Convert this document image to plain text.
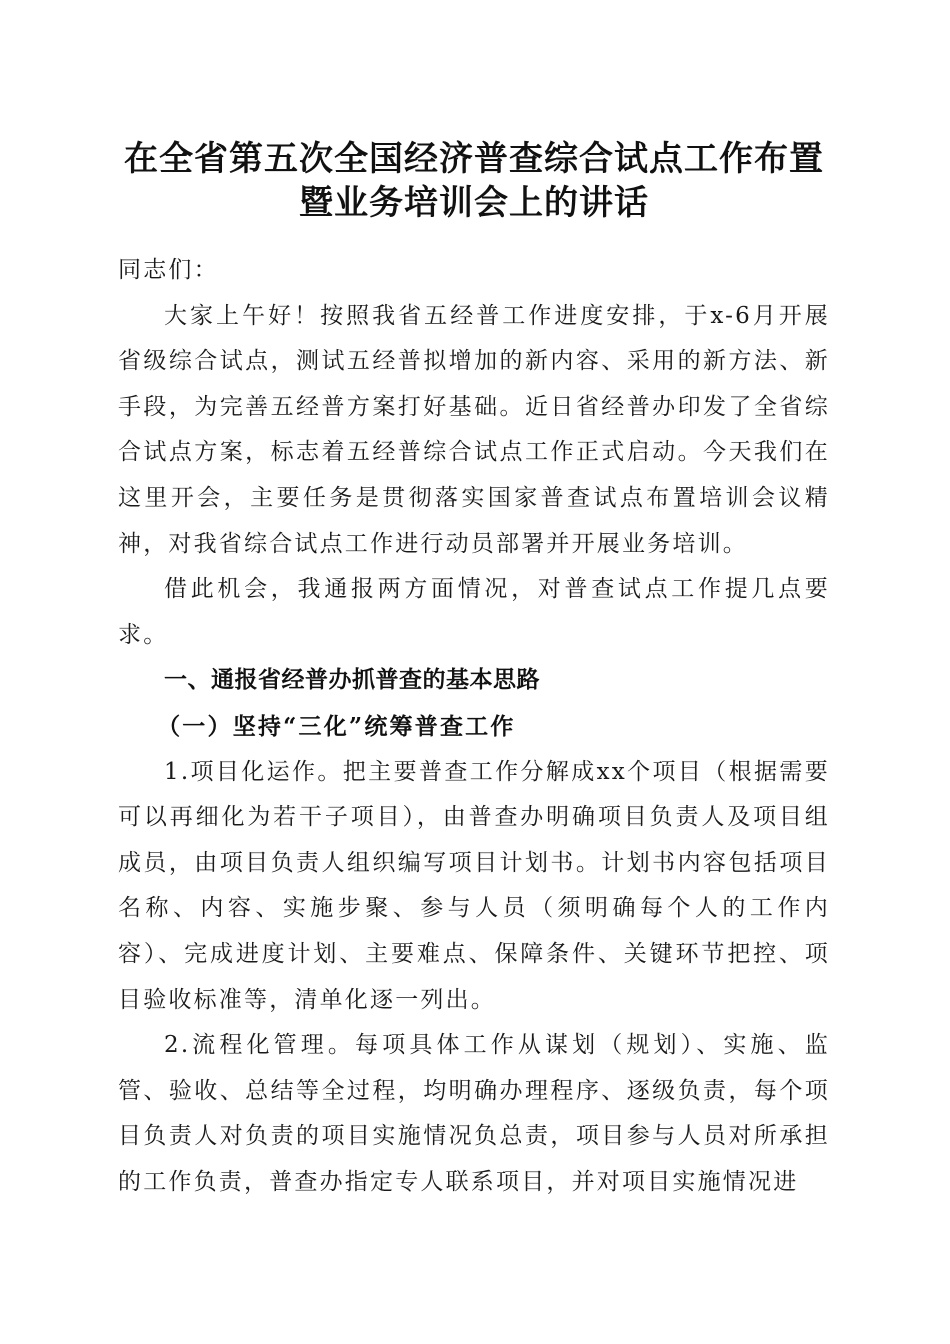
在全省第五次全国经济普查综合试点工作布置
暨业务培训会上的讲话

同志们：

大家上午好！按照我省五经普工作进度安排，于x-6月开展省级综合试点，测试五经普拟增加的新内容、采用的新方法、新手段，为完善五经普方案打好基础。近日省经普办印发了全省综合试点方案，标志着五经普综合试点工作正式启动。今天我们在这里开会，主要任务是贯彻落实国家普查试点布置培训会议精神，对我省综合试点工作进行动员部署并开展业务培训。

借此机会，我通报两方面情况，对普查试点工作提几点要求。

一、通报省经普办抓普查的基本思路

（一）坚持“三化”统筹普查工作

1.项目化运作。把主要普查工作分解成xx个项目（根据需要可以再细化为若干子项目），由普查办明确项目负责人及项目组成员，由项目负责人组织编写项目计划书。计划书内容包括项目名称、内容、实施步聚、参与人员（须明确每个人的工作内容）、完成进度计划、主要难点、保障条件、关键环节把控、项目验收标准等，清单化逐一列出。

2.流程化管理。每项具体工作从谋划（规划）、实施、监管、验收、总结等全过程，均明确办理程序、逐级负责，每个项目负责人对负责的项目实施情况负总责，项目参与人员对所承担的工作负责，普查办指定专人联系项目，并对项目实施情况进
